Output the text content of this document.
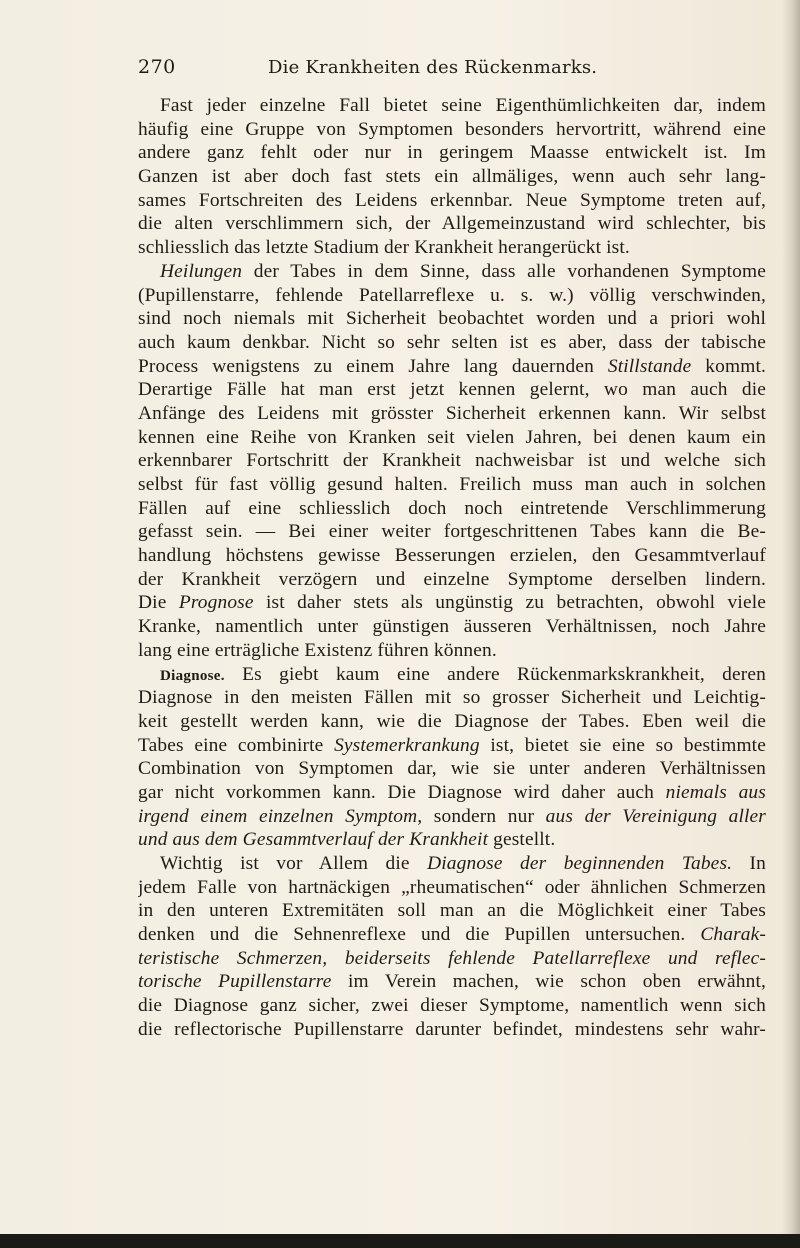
270	Die Krankheiten des Rückenmarks.
Fast jeder einzelne Fall bietet seine Eigenthümlichkeiten dar, indem
häufig eine Gruppe von Symptomen besonders hervortritt, während eine
andere ganz fehlt oder nur in geringem Maasse entwickelt ist. Im
Ganzen ist aber doch fast stets ein allmäliges, wenn auch sehr lang-
sames Fortschreiten des Leidens erkennbar. Neue Symptome treten auf,
die alten verschlimmern sich, der Allgemeinzustand wird schlechter, bis
schliesslich das letzte Stadium der Krankheit herangerückt ist.
Heilungen der Tabes in dem Sinne, dass alle vorhandenen Symptome
(Pupillenstarre, fehlende Patellarreflexe u. s. w.) völlig verschwinden,
sind noch niemals mit Sicherheit beobachtet worden und a priori wohl
auch kaum denkbar. Nicht so sehr selten ist es aber, dass der tabische
Process wenigstens zu einem Jahre lang dauernden Stillstande kommt.
Derartige Fälle hat man erst jetzt kennen gelernt, wo man auch die
Anfänge des Leidens mit grösster Sicherheit erkennen kann. Wir selbst
kennen eine Reihe von Kranken seit vielen Jahren, bei denen kaum ein
erkennbarer Fortschritt der Krankheit nachweisbar ist und welche sich
selbst für fast völlig gesund halten. Freilich muss man auch in solchen
Fällen auf eine schliesslich doch noch eintretende Verschlimmerung
gefasst sein. — Bei einer weiter fortgeschrittenen Tabes kann die Be-
handlung höchstens gewisse Besserungen erzielen, den Gesammtverlauf
der Krankheit verzögern und einzelne Symptome derselben lindern.
Die Prognose ist daher stets als ungünstig zu betrachten, obwohl viele
Kranke, namentlich unter günstigen äusseren Verhältnissen, noch Jahre
lang eine erträgliche Existenz führen können.
Diagnose. Es giebt kaum eine andere Rückenmarkskrankheit, deren
Diagnose in den meisten Fällen mit so grosser Sicherheit und Leichtig-
keit gestellt werden kann, wie die Diagnose der Tabes. Eben weil die
Tabes eine combinirte Systemerkrankung ist, bietet sie eine so bestimmte
Combination von Symptomen dar, wie sie unter anderen Verhältnissen
gar nicht vorkommen kann. Die Diagnose wird daher auch niemals aus
irgend einem einzelnen Symptom, sondern nur aus der Vereinigung aller
und aus dem Gesammtverlauf der Krankheit gestellt.
Wichtig ist vor Allem die Diagnose der beginnenden Tabes. In
jedem Falle von hartnäckigen „rheumatischen“ oder ähnlichen Schmerzen
in den unteren Extremitäten soll man an die Möglichkeit einer Tabes
denken und die Sehnenreflexe und die Pupillen untersuchen. Charak-
teristische Schmerzen, beiderseits fehlende Patellarreflexe und reflec-
torische Pupillenstarre im Verein machen, wie schon oben erwähnt,
die Diagnose ganz sicher, zwei dieser Symptome, namentlich wenn sich
die reflectorische Pupillenstarre darunter befindet, mindestens sehr wahr-
